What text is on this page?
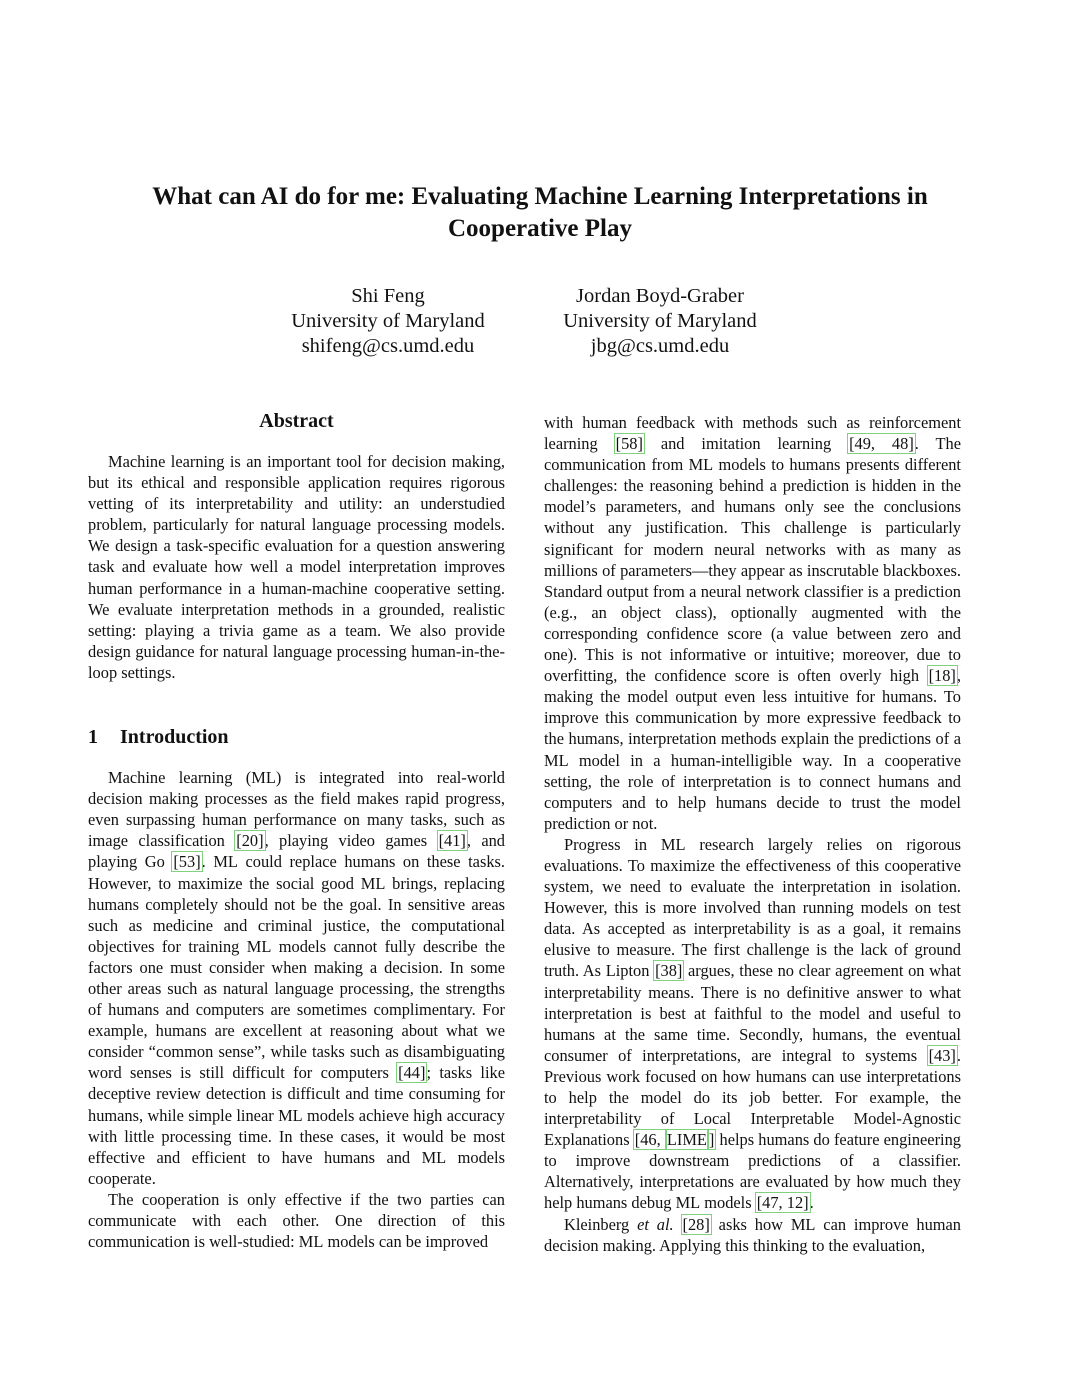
What can AI do for me: Evaluating Machine Learning Interpretations in
Cooperative Play
Shi Feng
University of Maryland
shifeng@cs.umd.edu
Jordan Boyd-Graber
University of Maryland
jbg@cs.umd.edu
Abstract

Machine learning is an important tool for decision making, but its ethical and responsible application requires rigorous vetting of its interpretability and utility: an understudied problem, particularly for natural language processing models. We design a task-specific evaluation for a question answering task and evaluate how well a model interpretation improves human performance in a human-machine cooperative setting. We evaluate interpretation methods in a grounded, realistic setting: playing a trivia game as a team. We also provide design guidance for natural language processing human-in-the-loop settings.

1 Introduction

Machine learning (ML) is integrated into real-world decision making processes as the field makes rapid progress, even surpassing human performance on many tasks, such as image classification [20], playing video games [41], and playing Go [53]. ML could replace humans on these tasks. However, to maximize the social good ML brings, replacing humans completely should not be the goal. In sensitive areas such as medicine and criminal justice, the computational objectives for training ML models cannot fully describe the factors one must consider when making a decision. In some other areas such as natural language processing, the strengths of humans and computers are sometimes complimentary. For example, humans are excellent at reasoning about what we consider “common sense”, while tasks such as disambiguating word senses is still difficult for computers [44]; tasks like deceptive review detection is difficult and time consuming for humans, while simple linear ML models achieve high accuracy with little processing time. In these cases, it would be most effective and efficient to have humans and ML models cooperate.

The cooperation is only effective if the two parties can communicate with each other. One direction of this communication is well-studied: ML models can be improved

with human feedback with methods such as reinforcement learning [58] and imitation learning [49, 48]. The communication from ML models to humans presents different challenges: the reasoning behind a prediction is hidden in the model’s parameters, and humans only see the conclusions without any justification. This challenge is particularly significant for modern neural networks with as many as millions of parameters—they appear as inscrutable blackboxes. Standard output from a neural network classifier is a prediction (e.g., an object class), optionally augmented with the corresponding confidence score (a value between zero and one). This is not informative or intuitive; moreover, due to overfitting, the confidence score is often overly high [18], making the model output even less intuitive for humans. To improve this communication by more expressive feedback to the humans, interpretation methods explain the predictions of a ML model in a human-intelligible way. In a cooperative setting, the role of interpretation is to connect humans and computers and to help humans decide to trust the model prediction or not.

Progress in ML research largely relies on rigorous evaluations. To maximize the effectiveness of this cooperative system, we need to evaluate the interpretation in isolation. However, this is more involved than running models on test data. As accepted as interpretability is as a goal, it remains elusive to measure. The first challenge is the lack of ground truth. As Lipton [38] argues, these no clear agreement on what interpretability means. There is no definitive answer to what interpretation is best at faithful to the model and useful to humans at the same time. Secondly, humans, the eventual consumer of interpretations, are integral to systems [43]. Previous work focused on how humans can use interpretations to help the model do its job better. For example, the interpretability of Local Interpretable Model-Agnostic Explanations [46, LIME ] helps humans do feature engineering to improve downstream predictions of a classifier. Alternatively, interpretations are evaluated by how much they help humans debug ML models [47, 12].

Kleinberg et al. [28] asks how ML can improve human decision making. Applying this thinking to the evaluation,
